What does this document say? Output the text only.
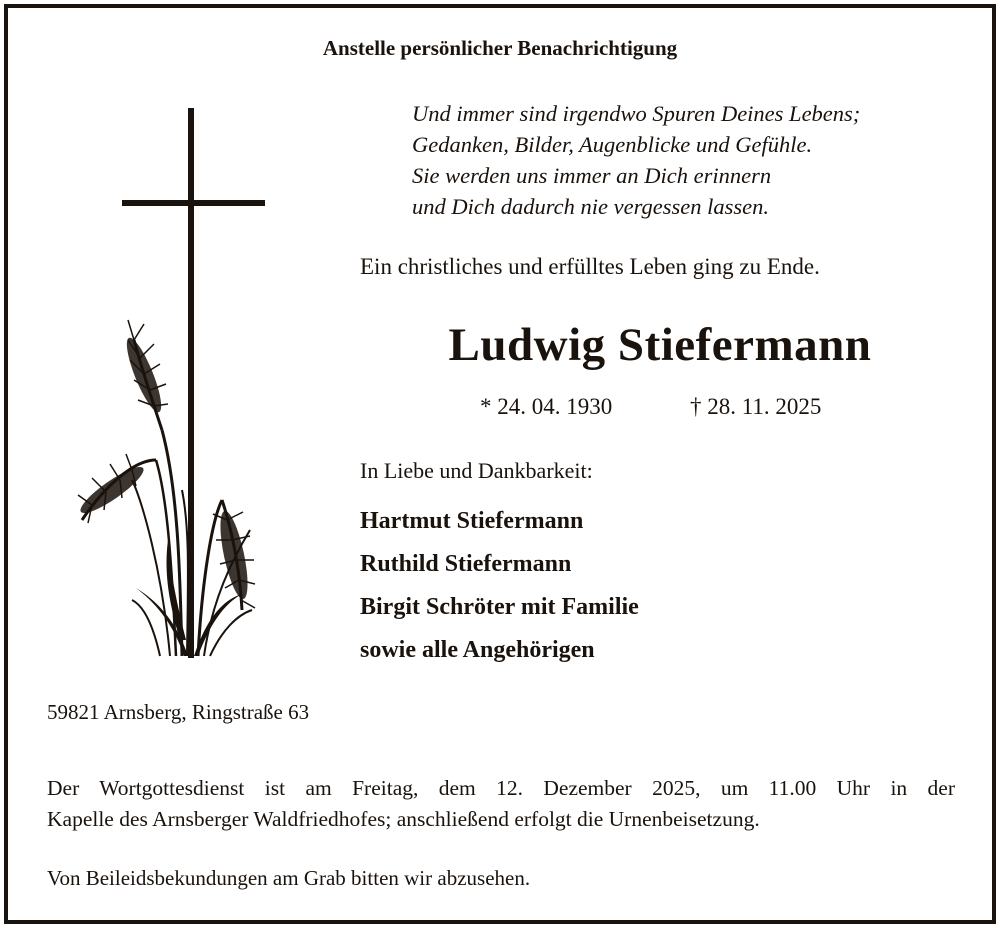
Anstelle persönlicher Benachrichtigung
Und immer sind irgendwo Spuren Deines Lebens;
Gedanken, Bilder, Augenblicke und Gefühle.
Sie werden uns immer an Dich erinnern
und Dich dadurch nie vergessen lassen.
Ein christliches und erfülltes Leben ging zu Ende.
Ludwig Stiefermann
* 24. 04. 1930	† 28. 11. 2025
In Liebe und Dankbarkeit:
Hartmut Stiefermann
Ruthild Stiefermann
Birgit Schröter mit Familie
sowie alle Angehörigen
59821 Arnsberg, Ringstraße 63
Der Wortgottesdienst ist am Freitag, dem 12. Dezember 2025, um 11.00 Uhr in der
Kapelle des Arnsberger Waldfriedhofes; anschließend erfolgt die Urnenbeisetzung.
Von Beileidsbekundungen am Grab bitten wir abzusehen.
